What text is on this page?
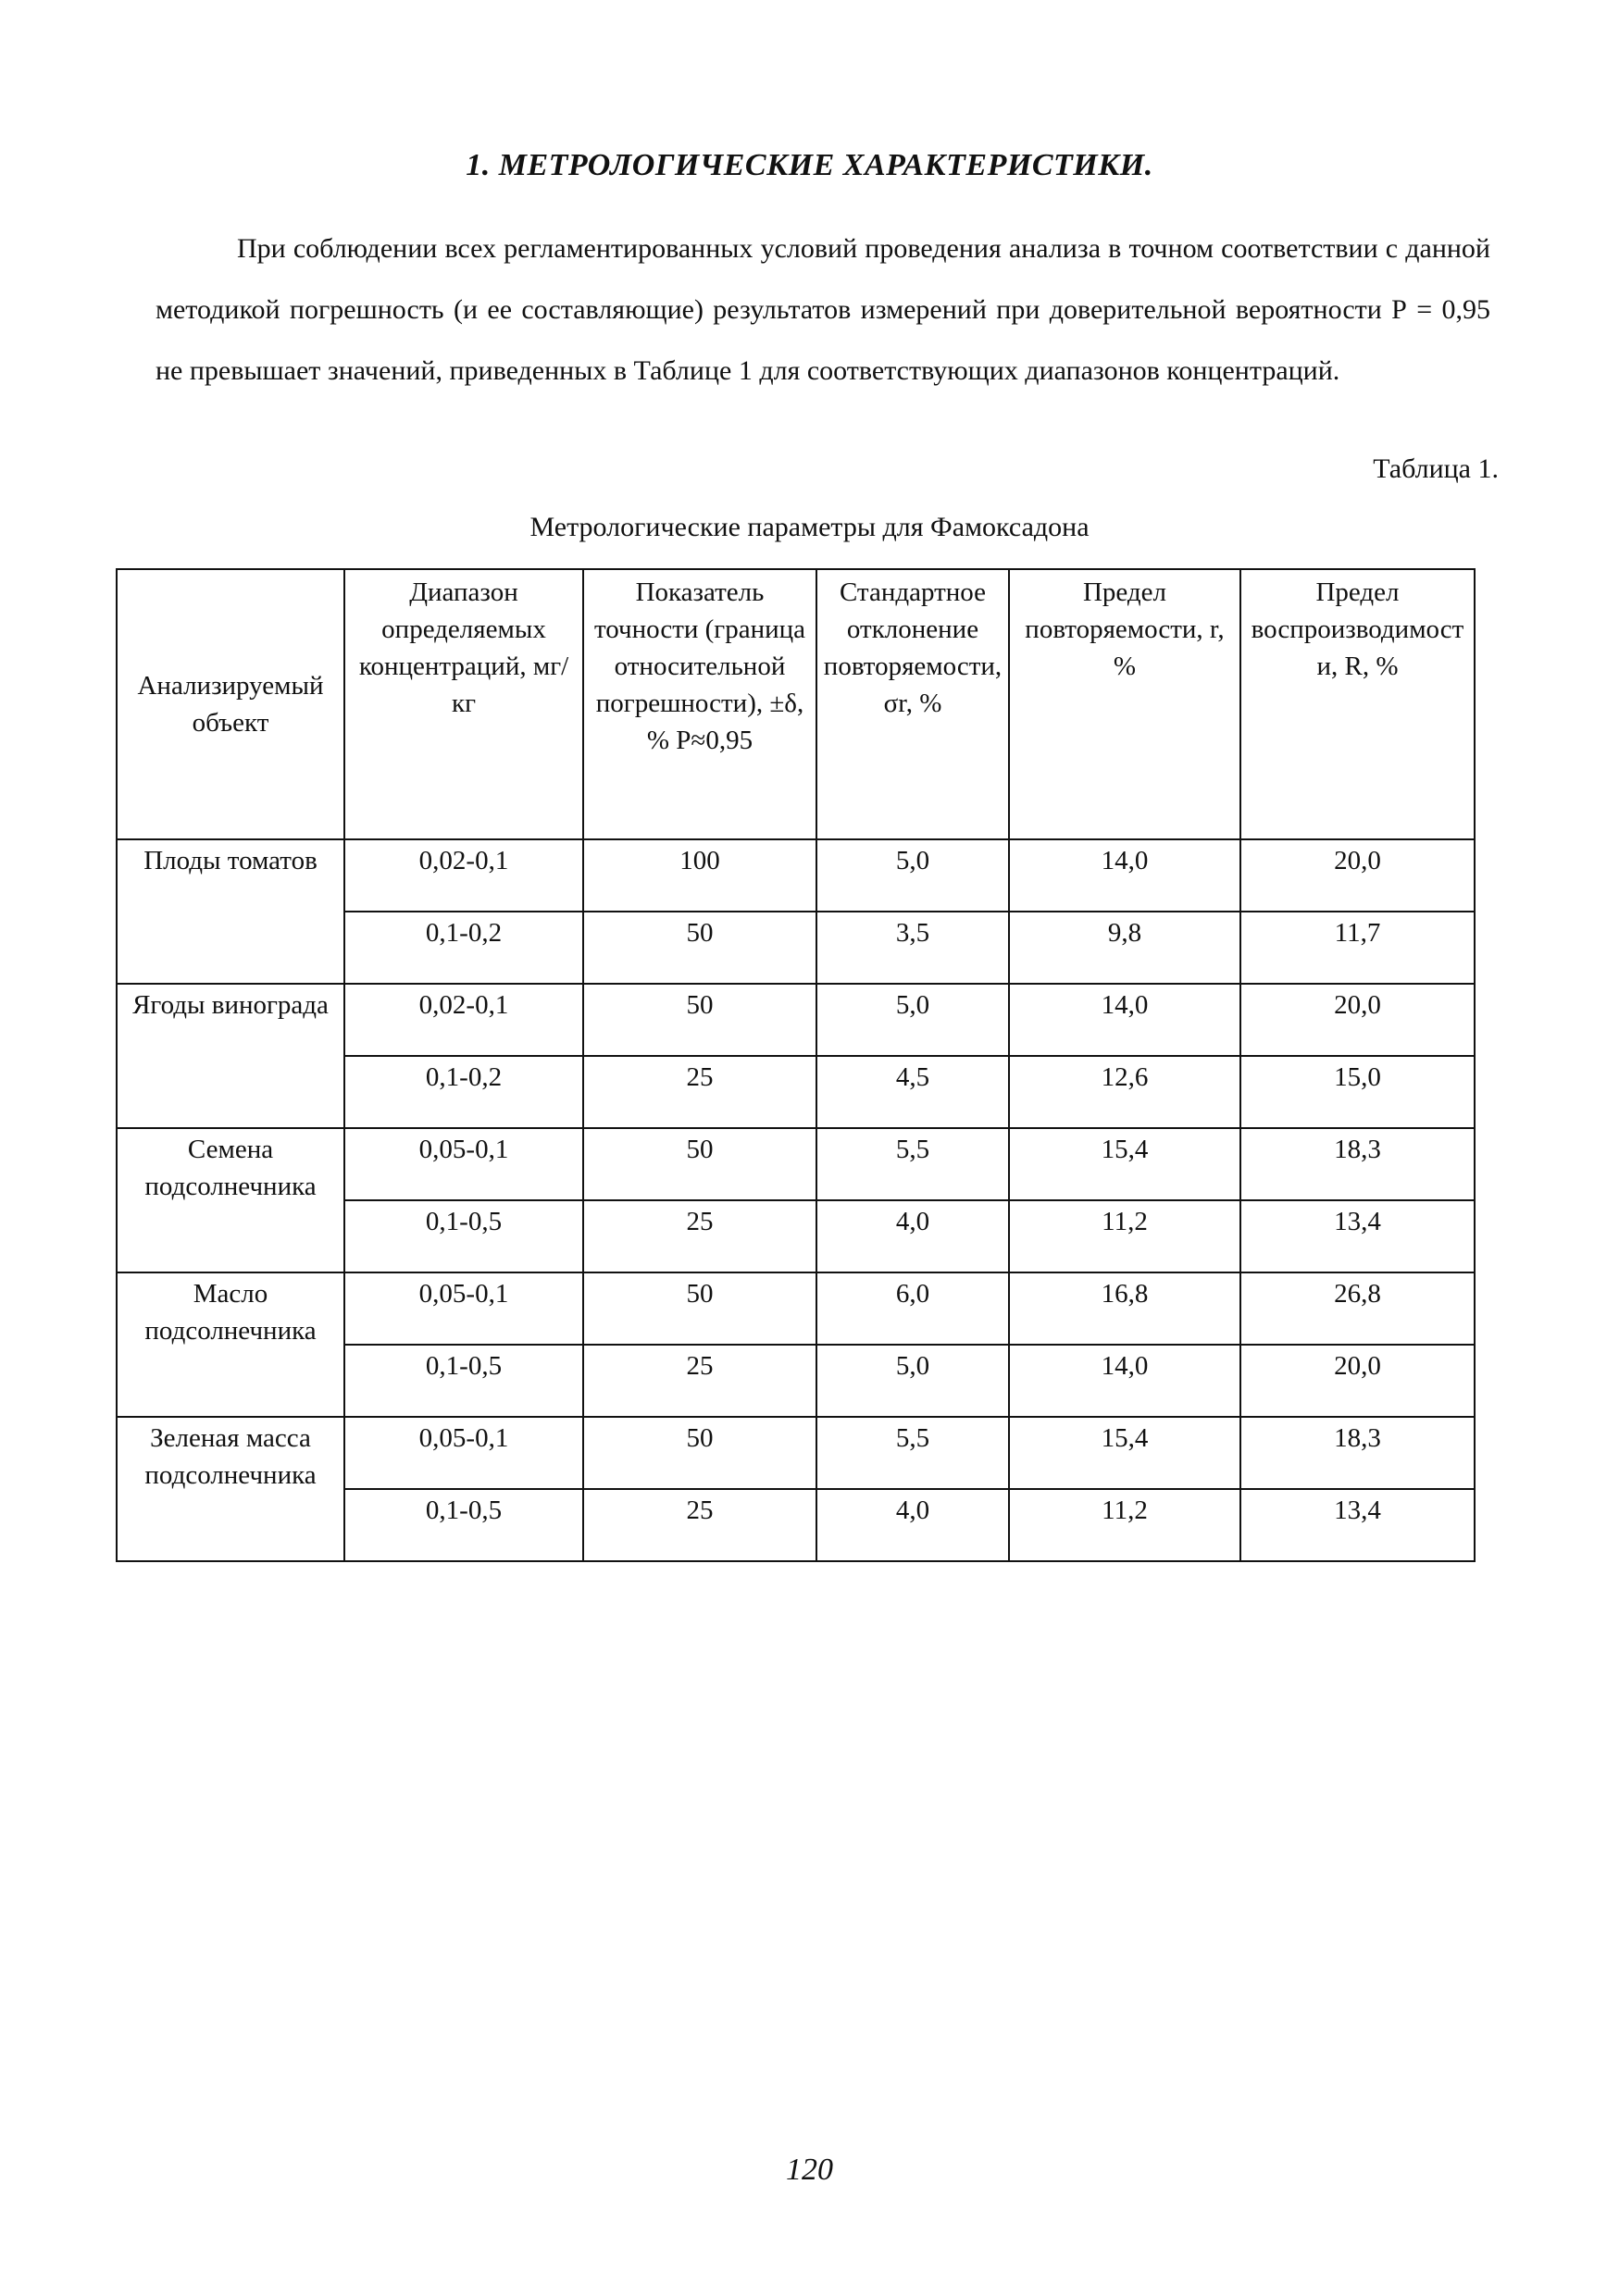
1. МЕТРОЛОГИЧЕСКИЕ ХАРАКТЕРИСТИКИ.

При соблюдении всех регламентированных условий проведения анализа в точном соответствии с данной методикой погрешность (и ее составляющие) результатов измерений при доверительной вероятности Р = 0,95 не превышает значений, приведенных в Таблице 1 для соответствующих диапазонов концентраций.

Таблица 1.
Метрологические параметры для Фамоксадона
Анализируемый объект	Диапазон определяемых концентраций, мг/кг	Показатель точности (граница относительной погрешности), ±δ, % Р≈0,95	Стандартное отклонение повторяемости, σr, %	Предел повторяемости, r, %	Предел воспроизводимости, R, %
Плоды томатов	0,02-0,1	100	5,0	14,0	20,0
	0,1-0,2	50	3,5	9,8	11,7
Ягоды винограда	0,02-0,1	50	5,0	14,0	20,0
	0,1-0,2	25	4,5	12,6	15,0
Семена подсолнечника	0,05-0,1	50	5,5	15,4	18,3
	0,1-0,5	25	4,0	11,2	13,4
Масло подсолнечника	0,05-0,1	50	6,0	16,8	26,8
	0,1-0,5	25	5,0	14,0	20,0
Зеленая масса подсолнечника	0,05-0,1	50	5,5	15,4	18,3
	0,1-0,5	25	4,0	11,2	13,4
120
